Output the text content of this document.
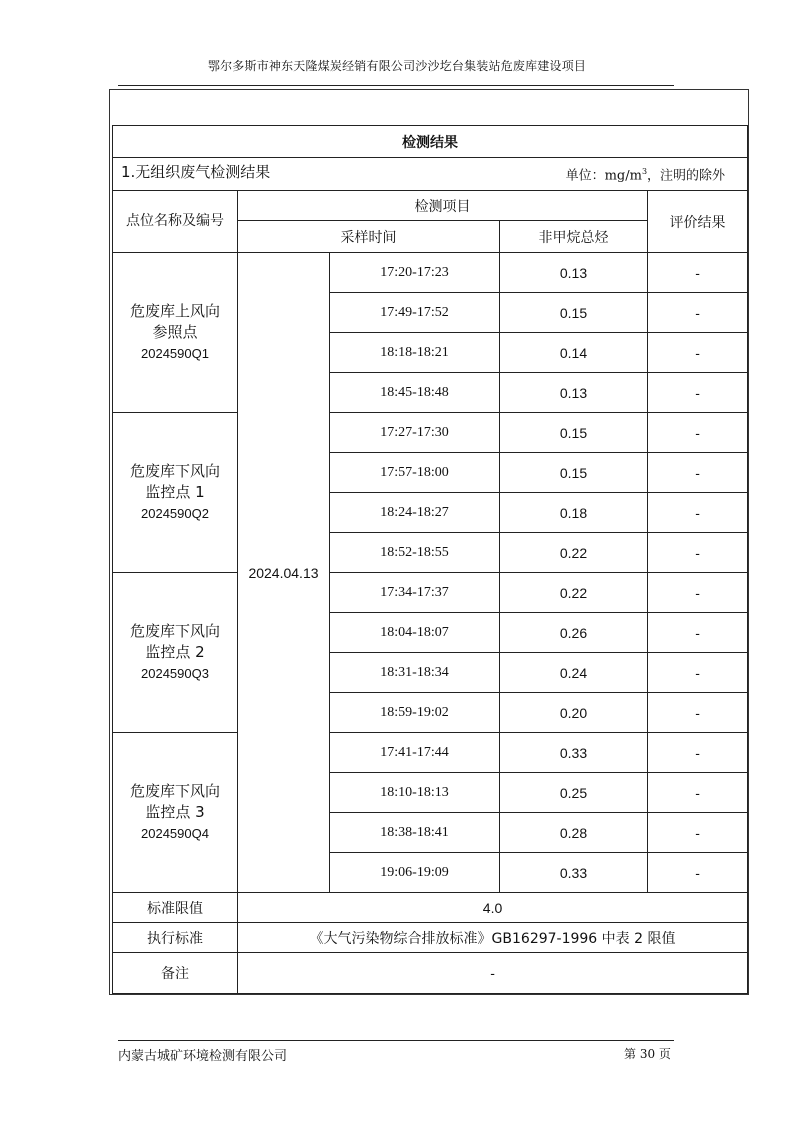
鄂尔多斯市神东天隆煤炭经销有限公司沙沙圪台集装站危废库建设项目
检测结果				

1.无组织废气检测结果 单位：$mg/m^3$，注明的除外				

点位名称及编号	检测项目			评价结果
	采样时间		非甲烷总烃	

危废库上风向
参照点
2024590Q1	2024.04.13	17:20-17:23	0.13	-
		17:49-17:52	0.15	-
		18:18-18:21	0.14	-
		18:45-18:48	0.13	-

危废库下风向
监控点 1
2024590Q2		17:27-17:30	0.15	-
		17:57-18:00	0.15	-
		18:24-18:27	0.18	-
		18:52-18:55	0.22	-

危废库下风向
监控点 2
2024590Q3		17:34-17:37	0.22	-
		18:04-18:07	0.26	-
		18:31-18:34	0.24	-
		18:59-19:02	0.20	-

危废库下风向
监控点 3
2024590Q4		17:41-17:44	0.33	-
		18:10-18:13	0.25	-
		18:38-18:41	0.28	-
		19:06-19:09	0.33	-
标准限值	4.0			
执行标准	《大气污染物综合排放标准》GB16297-1996 中表 2 限值			
备注	-			
内蒙古城矿环境检测有限公司	第 30 页
